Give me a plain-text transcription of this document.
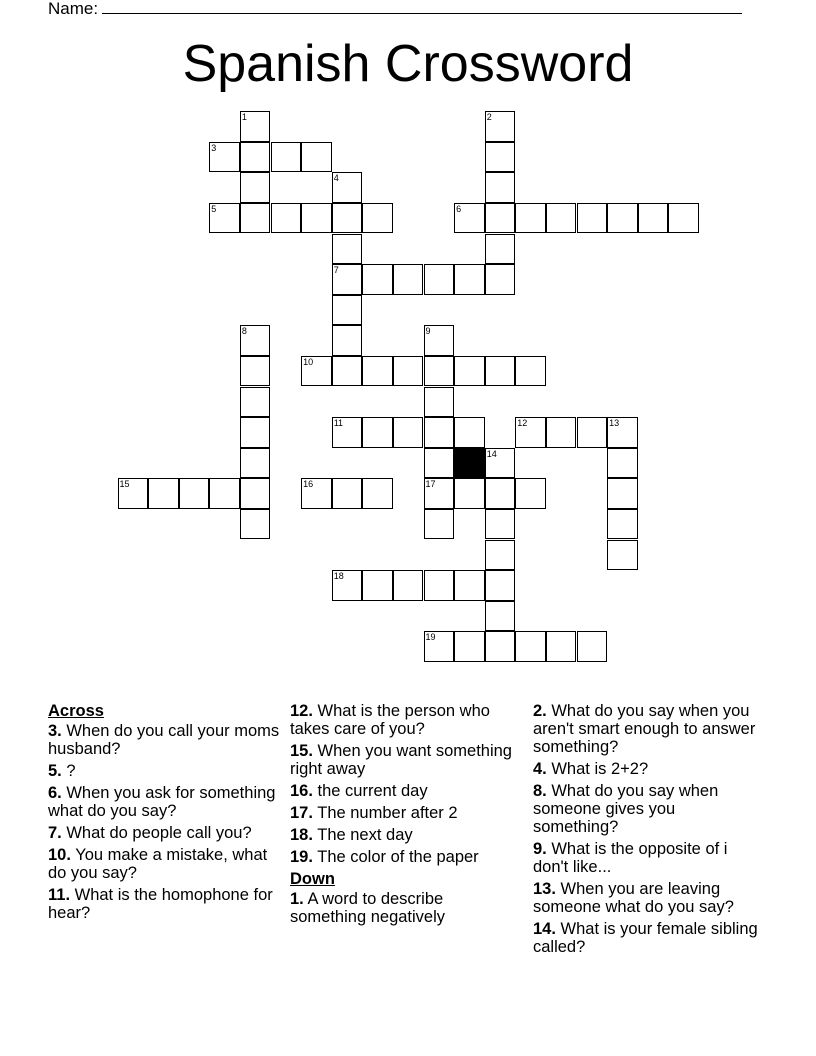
Name:
Spanish Crossword
1	2
3
4
5	6
7
8	9
10
11	12	13
14
15	16	17
18
19
Across
3. When do you call your moms husband?
5. ?
6. When you ask for something what do you say?
7. What do people call you?
10. You make a mistake, what do you say?
11. What is the homophone for hear?
12. What is the person who takes care of you?
15. When you want something right away
16. the current day
17. The number after 2
18. The next day
19. The color of the paper
Down
1. A word to describe something negatively
2. What do you say when you aren't smart enough to answer something?
4. What is 2+2?
8. What do you say when someone gives you something?
9. What is the opposite of i don't like...
13. When you are leaving someone what do you say?
14. What is your female sibling called?
